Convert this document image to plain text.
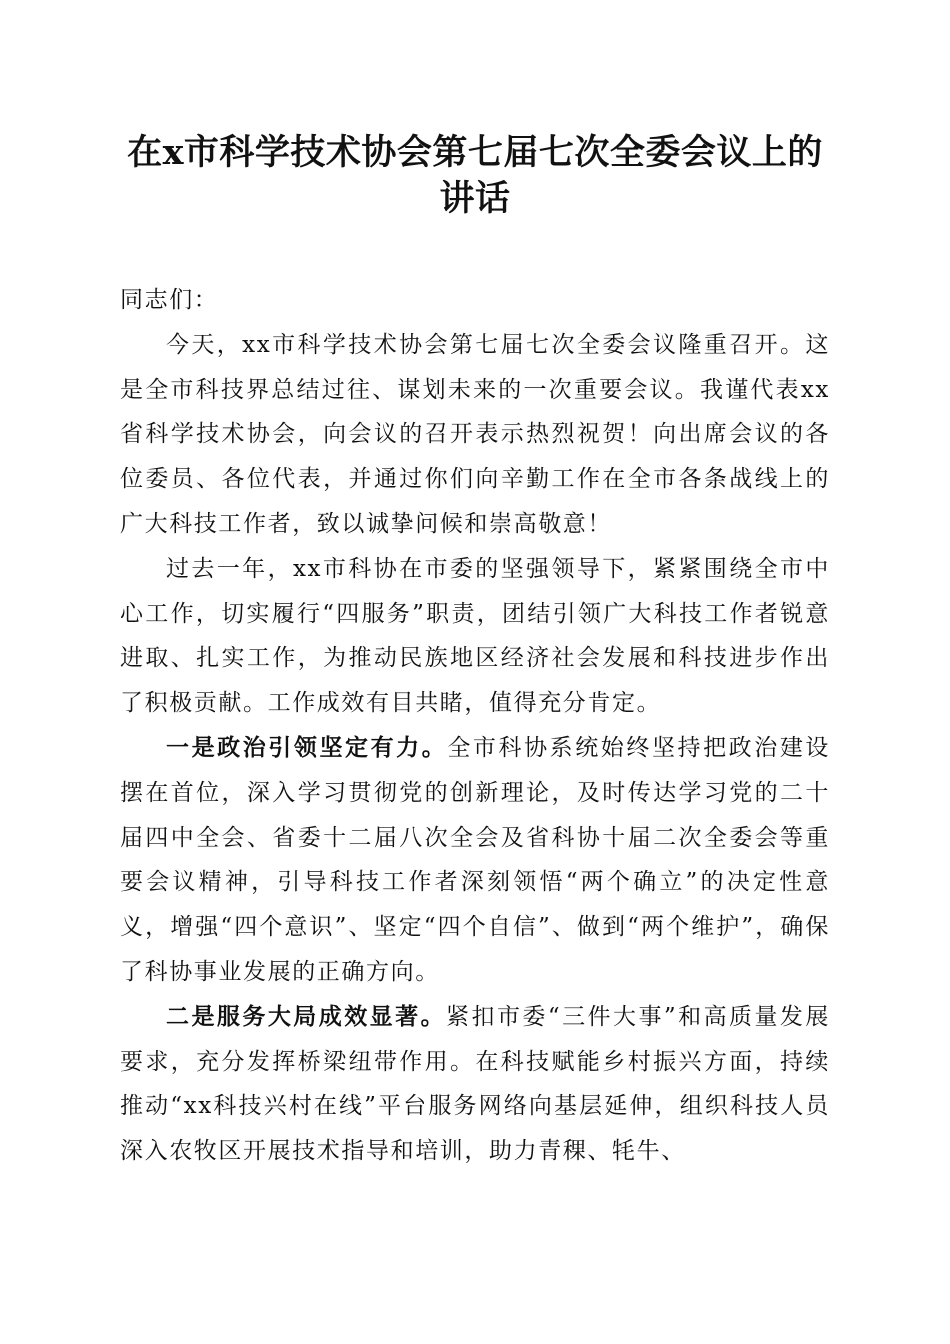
在x市科学技术协会第七届七次全委会议上的
讲话

同志们：

今天，xx市科学技术协会第七届七次全委会议隆重召开。这是全市科技界总结过往、谋划未来的一次重要会议。我谨代表xx省科学技术协会，向会议的召开表示热烈祝贺！向出席会议的各位委员、各位代表，并通过你们向辛勤工作在全市各条战线上的广大科技工作者，致以诚挚问候和崇高敬意！

过去一年，xx市科协在市委的坚强领导下，紧紧围绕全市中心工作，切实履行“四服务”职责，团结引领广大科技工作者锐意进取、扎实工作，为推动民族地区经济社会发展和科技进步作出了积极贡献。工作成效有目共睹，值得充分肯定。

一是政治引领坚定有力。全市科协系统始终坚持把政治建设摆在首位，深入学习贯彻党的创新理论，及时传达学习党的二十届四中全会、省委十二届八次全会及省科协十届二次全委会等重要会议精神，引导科技工作者深刻领悟“两个确立”的决定性意义，增强“四个意识”、坚定“四个自信”、做到“两个维护”，确保了科协事业发展的正确方向。

二是服务大局成效显著。紧扣市委“三件大事”和高质量发展要求，充分发挥桥梁纽带作用。在科技赋能乡村振兴方面，持续推动“xx科技兴村在线”平台服务网络向基层延伸，组织科技人员深入农牧区开展技术指导和培训，助力青稞、牦牛、
